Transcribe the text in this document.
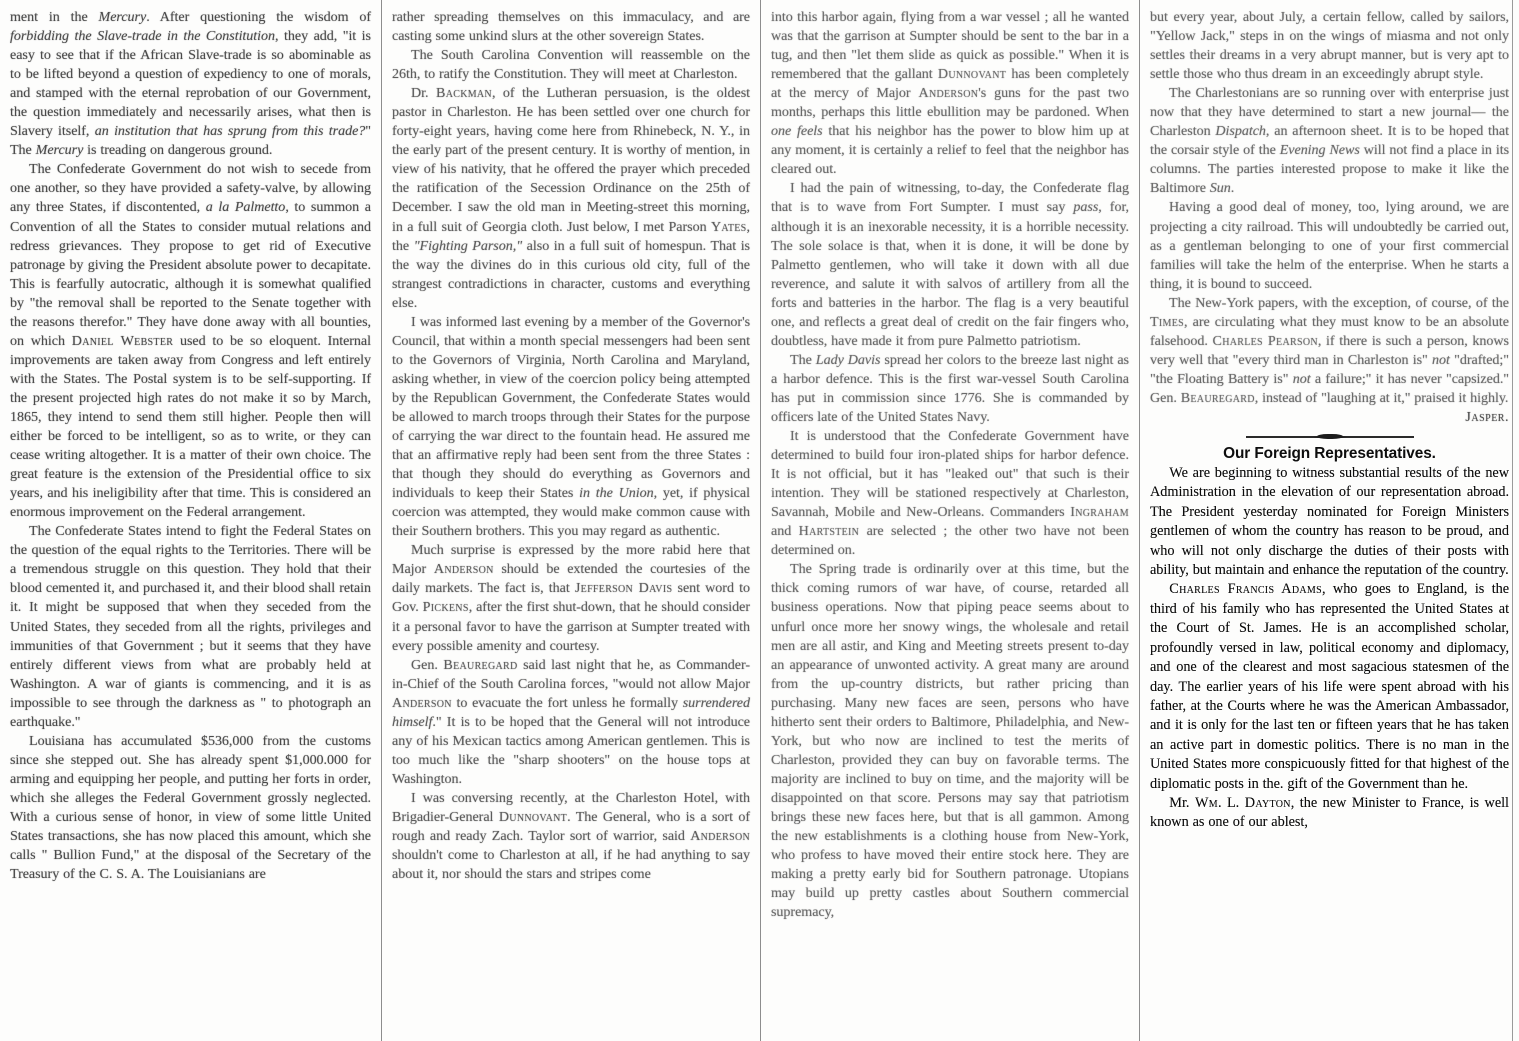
ment in the Mercury. After questioning the wisdom of forbidding the Slave-trade in the Constitution, they add, "it is easy to see that if the African Slave-trade is so abominable as to be lifted beyond a question of expediency to one of morals, and stamped with the eternal reprobation of our Government, the question immediately and necessarily arises, what then is Slavery itself, an institution that has sprung from this trade?" The Mercury is treading on dangerous ground.

The Confederate Government do not wish to secede from one another, so they have provided a safety-valve, by allowing any three States, if discontented, a la Palmetto, to summon a Convention of all the States to consider mutual relations and redress grievances. They propose to get rid of Executive patronage by giving the President absolute power to decapitate. This is fearfully autocratic, although it is somewhat qualified by "the removal shall be reported to the Senate together with the reasons therefor." They have done away with all bounties, on which Daniel Webster used to be so eloquent. Internal improvements are taken away from Congress and left entirely with the States. The Postal system is to be self-supporting. If the present projected high rates do not make it so by March, 1865, they intend to send them still higher. People then will either be forced to be intelligent, so as to write, or they can cease writing altogether. It is a matter of their own choice. The great feature is the extension of the Presidential office to six years, and his ineligibility after that time. This is considered an enormous improvement on the Federal arrangement.

The Confederate States intend to fight the Federal States on the question of the equal rights to the Territories. There will be a tremendous struggle on this question. They hold that their blood cemented it, and purchased it, and their blood shall retain it. It might be supposed that when they seceded from the United States, they seceded from all the rights, privileges and immunities of that Government ; but it seems that they have entirely different views from what are probably held at Washington. A war of giants is commencing, and it is as impossible to see through the darkness as " to photograph an earthquake."

Louisiana has accumulated $536,000 from the customs since she stepped out. She has already spent $1,000.000 for arming and equipping her people, and putting her forts in order, which she alleges the Federal Government grossly neglected. With a curious sense of honor, in view of some little United States transactions, she has now placed this amount, which she calls " Bullion Fund," at the disposal of the Secretary of the Treasury of the C. S. A. The Louisianians are

rather spreading themselves on this immaculacy, and are casting some unkind slurs at the other sovereign States.

The South Carolina Convention will reassemble on the 26th, to ratify the Constitution. They will meet at Charleston.

Dr. Backman, of the Lutheran persuasion, is the oldest pastor in Charleston. He has been settled over one church for forty-eight years, having come here from Rhinebeck, N. Y., in the early part of the present century. It is worthy of mention, in view of his nativity, that he offered the prayer which preceded the ratification of the Secession Ordinance on the 25th of December. I saw the old man in Meeting-street this morning, in a full suit of Georgia cloth. Just below, I met Parson Yates, the "Fighting Parson," also in a full suit of homespun. That is the way the divines do in this curious old city, full of the strangest contradictions in character, customs and everything else.

I was informed last evening by a member of the Governor's Council, that within a month special messengers had been sent to the Governors of Virginia, North Carolina and Maryland, asking whether, in view of the coercion policy being attempted by the Republican Government, the Confederate States would be allowed to march troops through their States for the purpose of carrying the war direct to the fountain head. He assured me that an affirmative reply had been sent from the three States : that though they should do everything as Governors and individuals to keep their States in the Union, yet, if physical coercion was attempted, they would make common cause with their Southern brothers. This you may regard as authentic.

Much surprise is expressed by the more rabid here that Major Anderson should be extended the courtesies of the daily markets. The fact is, that Jefferson Davis sent word to Gov. Pickens, after the first shut-down, that he should consider it a personal favor to have the garrison at Sumpter treated with every possible amenity and courtesy.

Gen. Beauregard said last night that he, as Commander-in-Chief of the South Carolina forces, "would not allow Major Anderson to evacuate the fort unless he formally surrendered himself." It is to be hoped that the General will not introduce any of his Mexican tactics among American gentlemen. This is too much like the "sharp shooters" on the house tops at Washington.

I was conversing recently, at the Charleston Hotel, with Brigadier-General Dunnovant. The General, who is a sort of rough and ready Zach. Taylor sort of warrior, said Anderson shouldn't come to Charleston at all, if he had anything to say about it, nor should the stars and stripes come

into this harbor again, flying from a war vessel ; all he wanted was that the garrison at Sumpter should be sent to the bar in a tug, and then "let them slide as quick as possible." When it is remembered that the gallant Dunnovant has been completely at the mercy of Major Anderson's guns for the past two months, perhaps this little ebullition may be pardoned. When one feels that his neighbor has the power to blow him up at any moment, it is certainly a relief to feel that the neighbor has cleared out.

I had the pain of witnessing, to-day, the Confederate flag that is to wave from Fort Sumpter. I must say pass, for, although it is an inexorable necessity, it is a horrible necessity. The sole solace is that, when it is done, it will be done by Palmetto gentlemen, who will take it down with all due reverence, and salute it with salvos of artillery from all the forts and batteries in the harbor. The flag is a very beautiful one, and reflects a great deal of credit on the fair fingers who, doubtless, have made it from pure Palmetto patriotism.

The Lady Davis spread her colors to the breeze last night as a harbor defence. This is the first war-vessel South Carolina has put in commission since 1776. She is commanded by officers late of the United States Navy.

It is understood that the Confederate Government have determined to build four iron-plated ships for harbor defence. It is not official, but it has "leaked out" that such is their intention. They will be stationed respectively at Charleston, Savannah, Mobile and New-Orleans. Commanders Ingraham and Hartstein are selected ; the other two have not been determined on.

The Spring trade is ordinarily over at this time, but the thick coming rumors of war have, of course, retarded all business operations. Now that piping peace seems about to unfurl once more her snowy wings, the wholesale and retail men are all astir, and King and Meeting streets present to-day an appearance of unwonted activity. A great many are around from the up-country districts, but rather pricing than purchasing. Many new faces are seen, persons who have hitherto sent their orders to Baltimore, Philadelphia, and New-York, but who now are inclined to test the merits of Charleston, provided they can buy on favorable terms. The majority are inclined to buy on time, and the majority will be disappointed on that score. Persons may say that patriotism brings these new faces here, but that is all gammon. Among the new establishments is a clothing house from New-York, who profess to have moved their entire stock here. They are making a pretty early bid for Southern patronage. Utopians may build up pretty castles about Southern commercial supremacy,

but every year, about July, a certain fellow, called by sailors, "Yellow Jack," steps in on the wings of miasma and not only settles their dreams in a very abrupt manner, but is very apt to settle those who thus dream in an exceedingly abrupt style.

The Charlestonians are so running over with enterprise just now that they have determined to start a new journal— the Charleston Dispatch, an afternoon sheet. It is to be hoped that the corsair style of the Evening News will not find a place in its columns. The parties interested propose to make it like the Baltimore Sun.

Having a good deal of money, too, lying around, we are projecting a city railroad. This will undoubtedly be carried out, as a gentleman belonging to one of your first commercial families will take the helm of the enterprise. When he starts a thing, it is bound to succeed.

The New-York papers, with the exception, of course, of the Times, are circulating what they must know to be an absolute falsehood. Charles Pearson, if there is such a person, knows very well that "every third man in Charleston is" not "drafted;" "the Floating Battery is" not a failure;" it has never "capsized." Gen. Beauregard, instead of "laughing at it," praised it highly.
Jasper.

Our Foreign Representatives.

We are beginning to witness substantial results of the new Administration in the elevation of our representation abroad. The President yesterday nominated for Foreign Ministers gentlemen of whom the country has reason to be proud, and who will not only discharge the duties of their posts with ability, but maintain and enhance the reputation of the country.

Charles Francis Adams, who goes to England, is the third of his family who has represented the United States at the Court of St. James. He is an accomplished scholar, profoundly versed in law, political economy and diplomacy, and one of the clearest and most sagacious statesmen of the day. The earlier years of his life were spent abroad with his father, at the Courts where he was the American Ambassador, and it is only for the last ten or fifteen years that he has taken an active part in domestic politics. There is no man in the United States more conspicuously fitted for that highest of the diplomatic posts in the. gift of the Government than he.

Mr. Wm. L. Dayton, the new Minister to France, is well known as one of our ablest,
